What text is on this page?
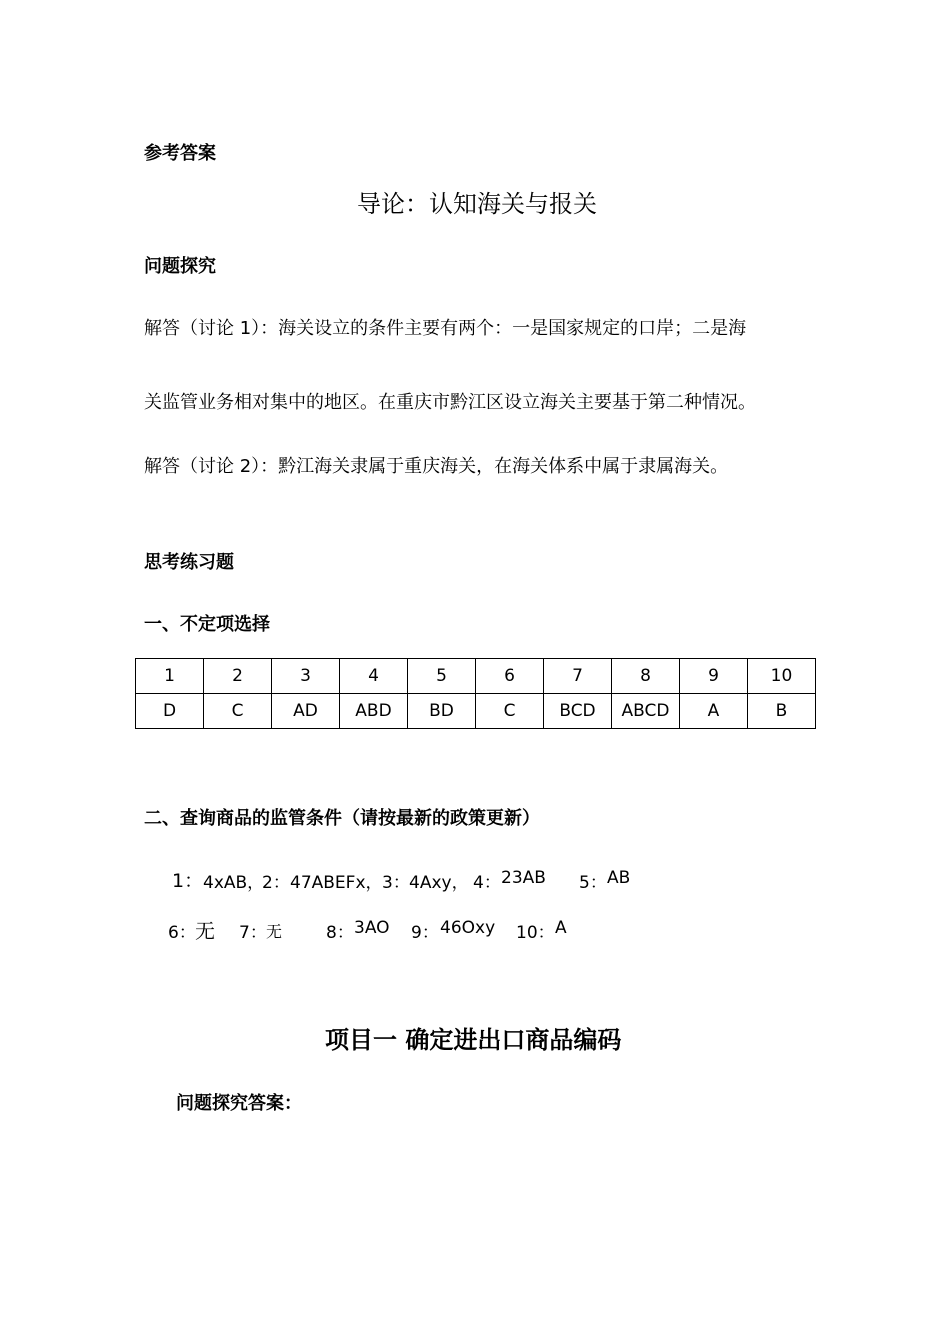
参考答案
导论：认知海关与报关
问题探究
解答（讨论 1）：海关设立的条件主要有两个：一是国家规定的口岸；二是海
关监管业务相对集中的地区。在重庆市黔江区设立海关主要基于第二种情况。
解答（讨论 2）：黔江海关隶属于重庆海关，在海关体系中属于隶属海关。
思考练习题
一、不定项选择
1	2	3	4	5	6	7	8	9	10
D	C	AD	ABD	BD	C	BCD	ABCD	A	B
二、查询商品的监管条件（请按最新的政策更新）
1： 4xAB，
2： 47ABEFx， 3： 4Axy， 4： 23AB 5： AB
6： 无 7： 无	8： 3AO 9： 46Oxy 10： A
项目一 确定进出口商品编码
问题探究答案：
